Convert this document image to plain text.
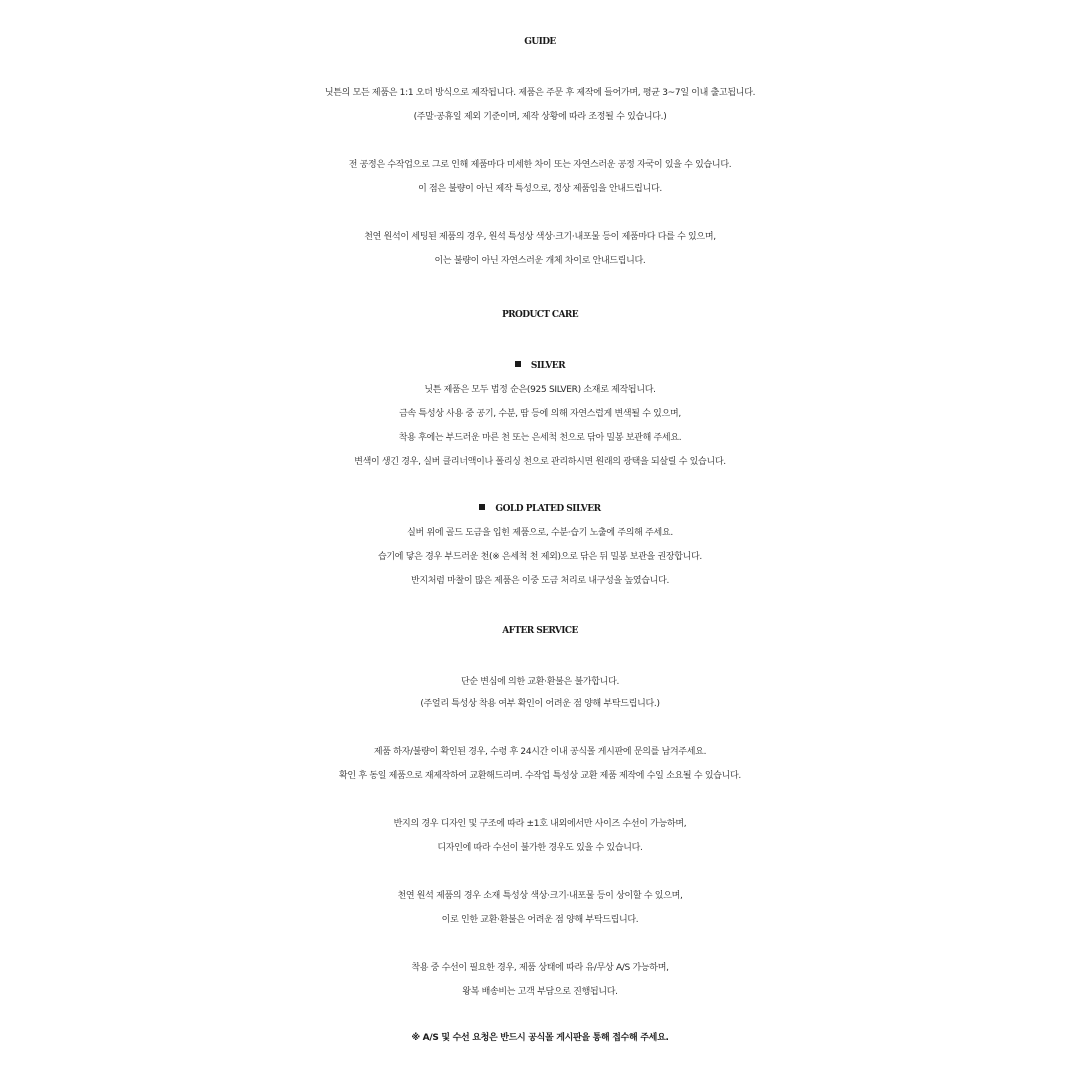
GUIDE

닛튼의 모든 제품은 1:1 오더 방식으로 제작됩니다. 제품은 주문 후 제작에 들어가며, 평균 3~7일 이내 출고됩니다.

(주말·공휴일 제외 기준이며, 제작 상황에 따라 조정될 수 있습니다.)

전 공정은 수작업으로 그로 인해 제품마다 미세한 차이 또는 자연스러운 공정 자국이 있을 수 있습니다.

이 점은 불량이 아닌 제작 특성으로, 정상 제품임을 안내드립니다.

천연 원석이 세팅된 제품의 경우, 원석 특성상 색상·크기·내포물 등이 제품마다 다를 수 있으며,

이는 불량이 아닌 자연스러운 개체 차이로 안내드립니다.

PRODUCT CARE

SILVER

닛튼 제품은 모두 법정 순은(925 SILVER) 소재로 제작됩니다.

금속 특성상 사용 중 공기, 수분, 땀 등에 의해 자연스럽게 변색될 수 있으며,

착용 후에는 부드러운 마른 천 또는 은세척 천으로 닦아 밀봉 보관해 주세요.

변색이 생긴 경우, 실버 클리너액이나 폴리싱 천으로 관리하시면 원래의 광택을 되살릴 수 있습니다.

GOLD PLATED SILVER

실버 위에 골드 도금을 입힌 제품으로, 수분·습기 노출에 주의해 주세요.

습기에 닿은 경우 부드러운 천(※ 은세척 천 제외)으로 닦은 뒤 밀봉 보관을 권장합니다.

반지처럼 마찰이 많은 제품은 이중 도금 처리로 내구성을 높였습니다.

AFTER SERVICE

단순 변심에 의한 교환·환불은 불가합니다.

(주얼리 특성상 착용 여부 확인이 어려운 점 양해 부탁드립니다.)

제품 하자/불량이 확인된 경우, 수령 후 24시간 이내 공식몰 게시판에 문의를 남겨주세요.

확인 후 동일 제품으로 재제작하여 교환해드리며. 수작업 특성상 교환 제품 제작에 수일 소요될 수 있습니다.

반지의 경우 디자인 및 구조에 따라 ±1호 내외에서만 사이즈 수선이 가능하며,

디자인에 따라 수선이 불가한 경우도 있을 수 있습니다.

천연 원석 제품의 경우 소재 특성상 색상·크기·내포물 등이 상이할 수 있으며,

이로 인한 교환·환불은 어려운 점 양해 부탁드립니다.

착용 중 수선이 필요한 경우, 제품 상태에 따라 유/무상 A/S 가능하며,

왕복 배송비는 고객 부담으로 진행됩니다.

※ A/S 및 수선 요청은 반드시 공식몰 게시판을 통해 접수해 주세요.
